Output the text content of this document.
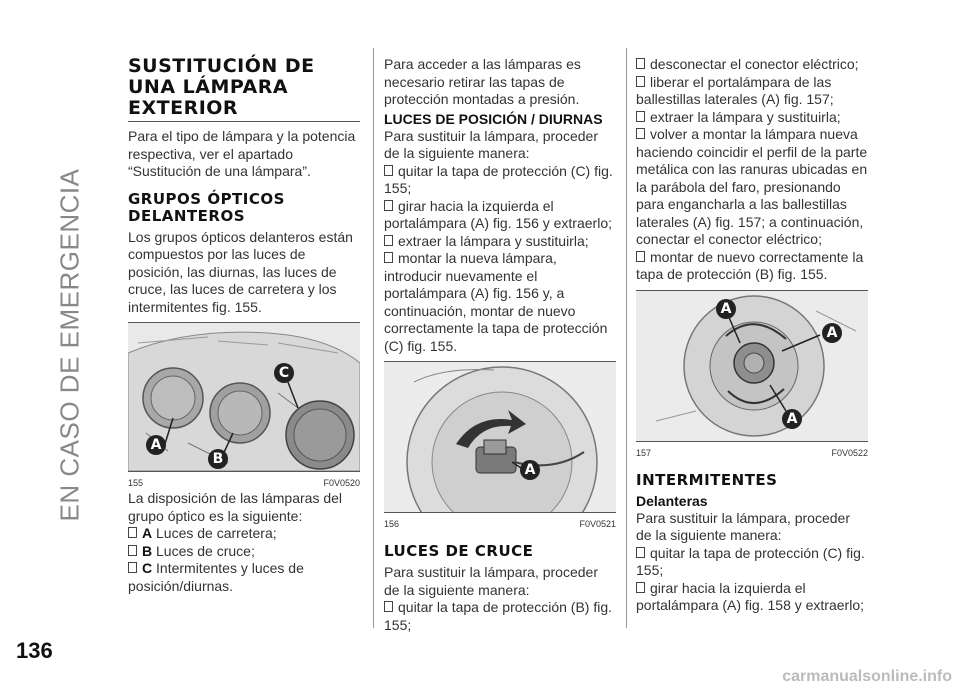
EN CASO DE EMERGENCIA
136
carmanualsonline.info
SUSTITUCIÓN DE
UNA LÁMPARA
EXTERIOR

Para el tipo de lámpara y la potencia respectiva, ver el apartado “Sustitución de una lámpara”.

GRUPOS ÓPTICOS
DELANTEROS

Los grupos ópticos delanteros están compuestos por las luces de posición, las diurnas, las luces de cruce, las luces de carretera y los intermitentes fig. 155.

A
B
C
155	F0V0520

La disposición de las lámparas del grupo óptico es la siguiente:

A Luces de carretera;
B Luces de cruce;
C Intermitentes y luces de posición/diurnas.

Para acceder a las lámparas es necesario retirar las tapas de protección montadas a presión.

LUCES DE POSICIÓN / DIURNAS

Para sustituir la lámpara, proceder de la siguiente manera:

quitar la tapa de protección (C) fig. 155;
girar hacia la izquierda el portalámpara (A) fig. 156 y extraerlo;
extraer la lámpara y sustituirla;
montar la nueva lámpara, introducir nuevamente el portalámpara (A) fig. 156 y, a continuación, montar de nuevo correctamente la tapa de protección (C) fig. 155.
A
156	F0V0521
LUCES DE CRUCE

Para sustituir la lámpara, proceder de la siguiente manera:

quitar la tapa de protección (B) fig. 155;
desconectar el conector eléctrico;
liberar el portalámpara de las ballestillas laterales (A) fig. 157;
extraer la lámpara y sustituirla;
volver a montar la lámpara nueva haciendo coincidir el perfil de la parte metálica con las ranuras ubicadas en la parábola del faro, presionando para engancharla a las ballestillas laterales (A) fig. 157; a continuación, conectar el conector eléctrico;
montar de nuevo correctamente la tapa de protección (B) fig. 155.
A
A
A
157	F0V0522
INTERMITENTES
Delanteras

Para sustituir la lámpara, proceder de la siguiente manera:

quitar la tapa de protección (C) fig. 155;
girar hacia la izquierda el portalámpara (A) fig. 158 y extraerlo;
